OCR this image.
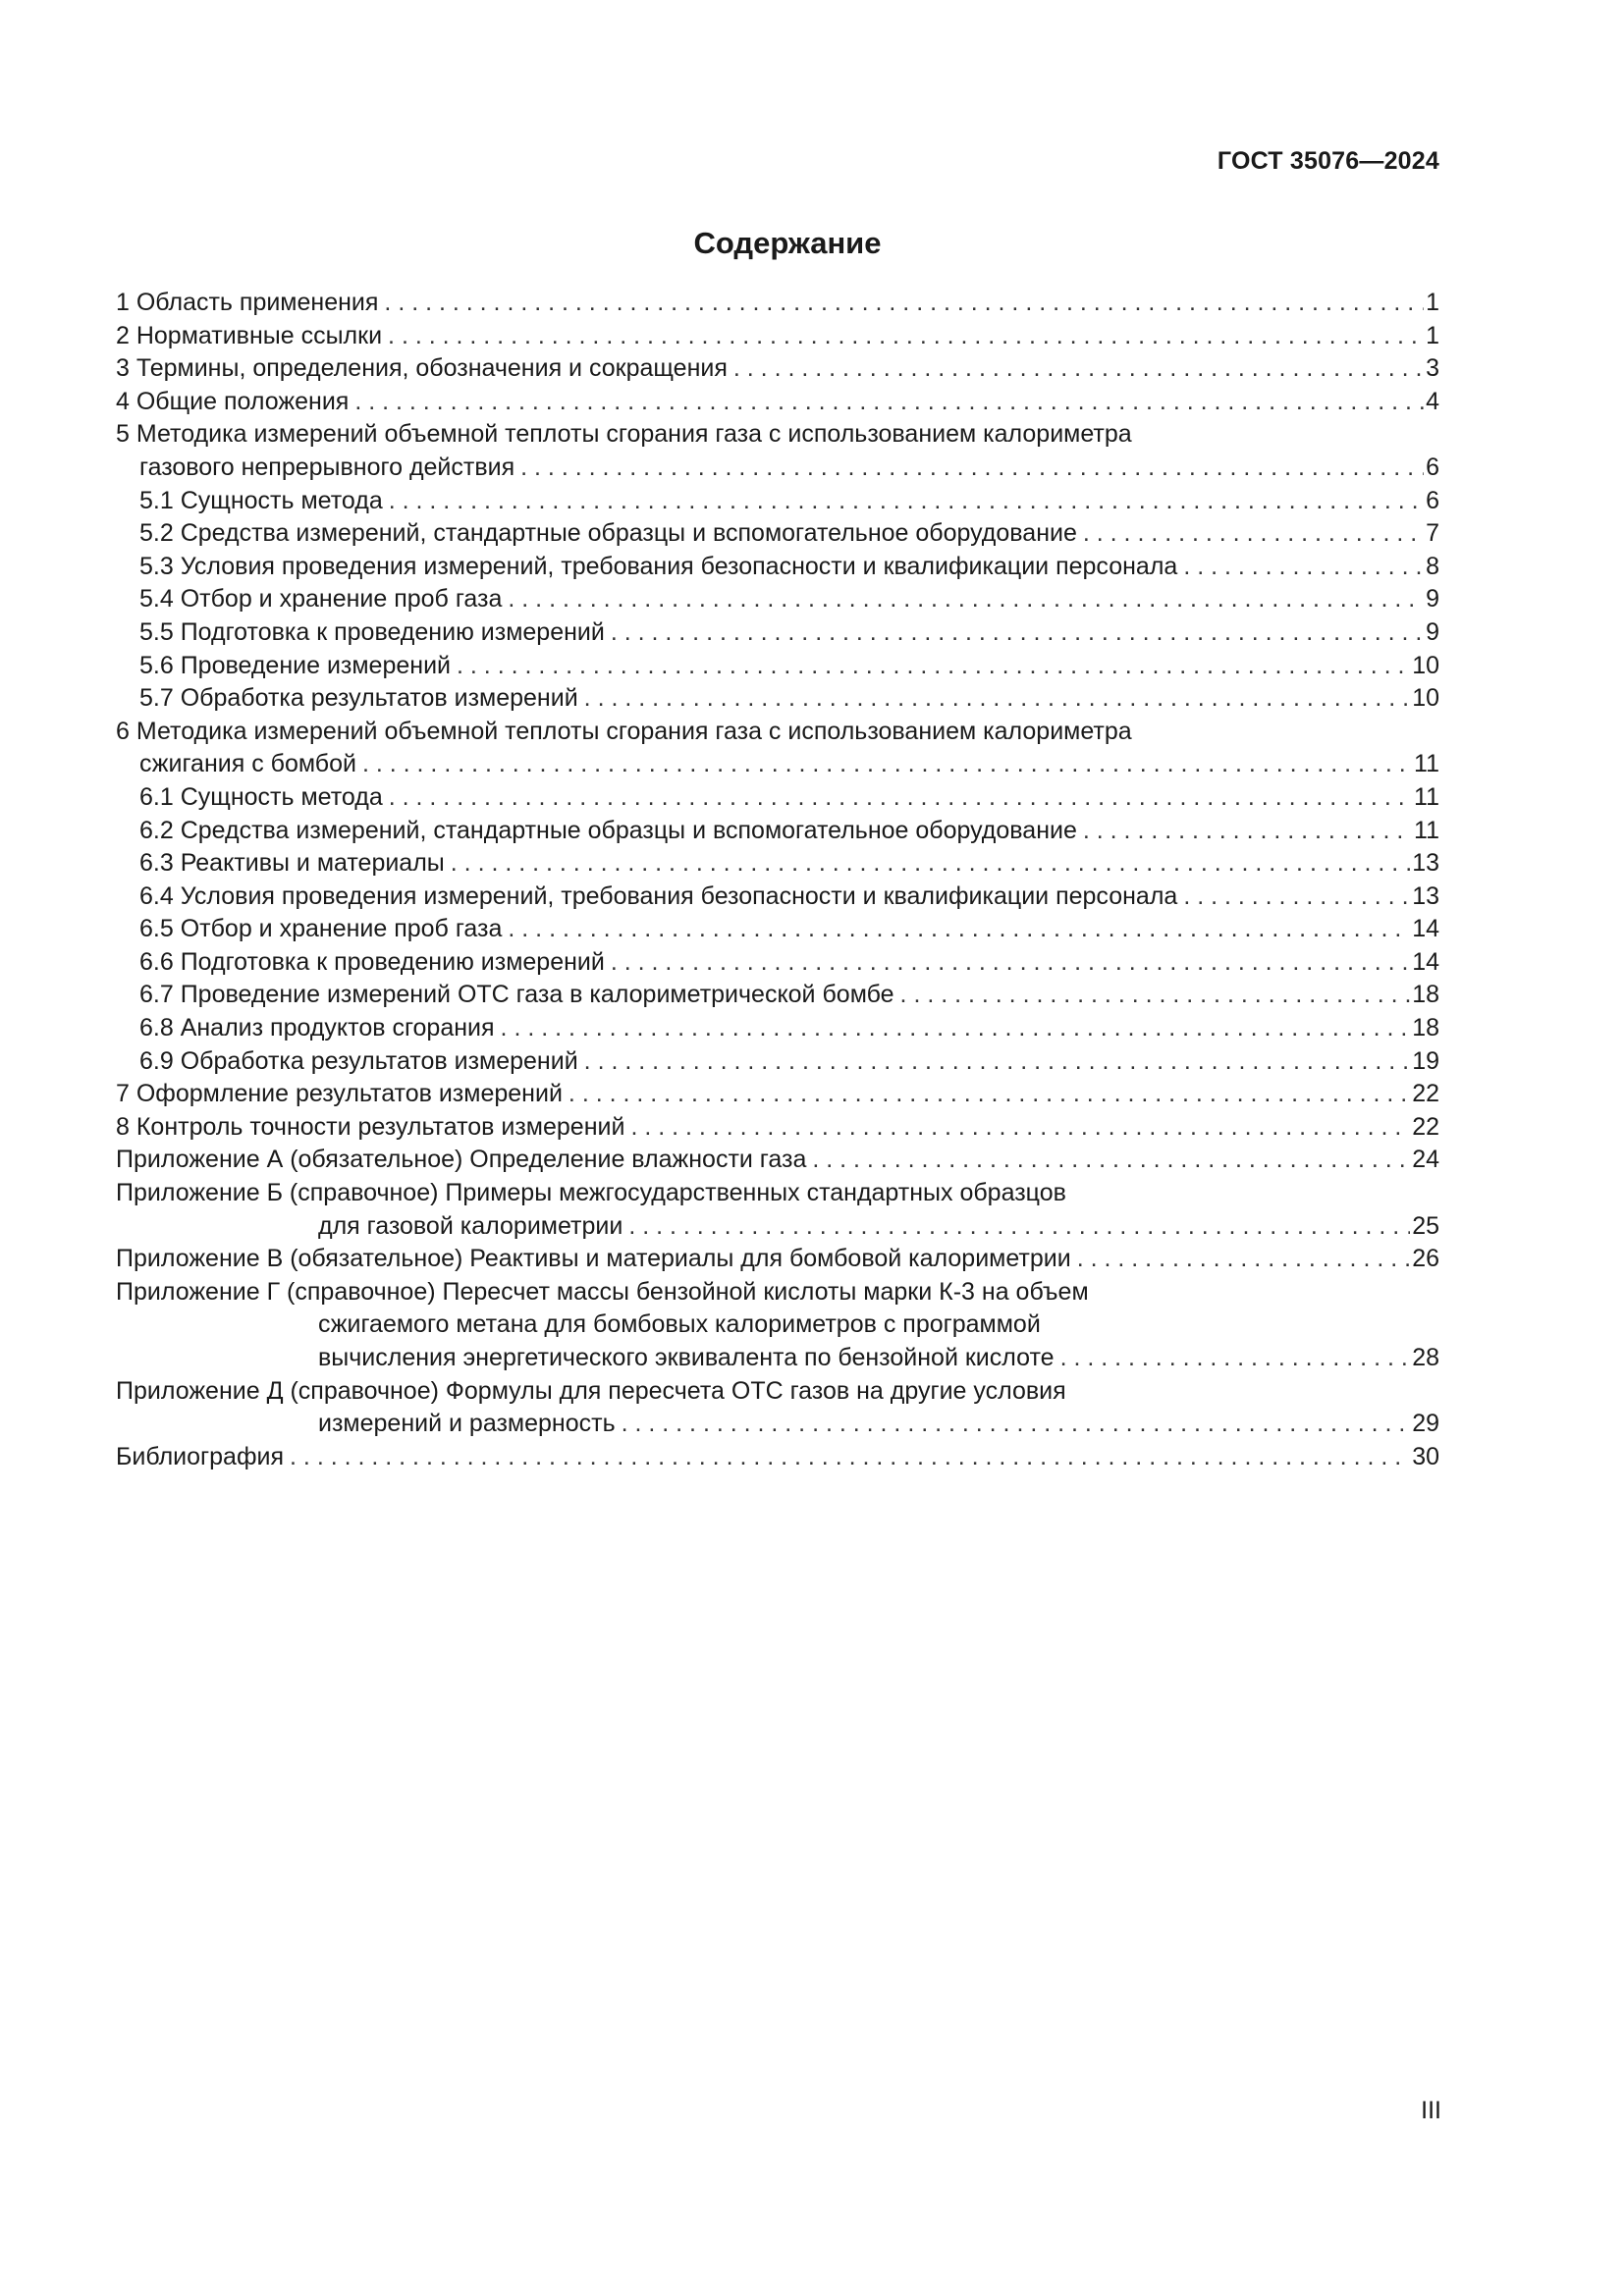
ГОСТ 35076—2024
Содержание
1 Область применения . . .	1
2 Нормативные ссылки . . .	1
3 Термины, определения, обозначения и сокращения . . .	3
4 Общие положения . . .	4
5 Методика измерений объемной теплоты сгорания газа с использованием калориметра
газового непрерывного действия . . .	6
5.1 Сущность метода . . .	6
5.2 Средства измерений, стандартные образцы и вспомогательное оборудование . . .	7
5.3 Условия проведения измерений, требования безопасности и квалификации персонала . . .	8
5.4 Отбор и хранение проб газа . . .	9
5.5 Подготовка к проведению измерений . . .	9
5.6 Проведение измерений . . .	10
5.7 Обработка результатов измерений . . .	10
6 Методика измерений объемной теплоты сгорания газа с использованием калориметра
сжигания с бомбой . . .	11
6.1 Сущность метода . . .	11
6.2 Средства измерений, стандартные образцы и вспомогательное оборудование . . .	11
6.3 Реактивы и материалы . . .	13
6.4 Условия проведения измерений, требования безопасности и квалификации персонала . . .	13
6.5 Отбор и хранение проб газа . . .	14
6.6 Подготовка к проведению измерений . . .	14
6.7 Проведение измерений ОТС газа в калориметрической бомбе . . .	18
6.8 Анализ продуктов сгорания . . .	18
6.9 Обработка результатов измерений . . .	19
7 Оформление результатов измерений . . .	22
8 Контроль точности результатов измерений . . .	22
Приложение А (обязательное) Определение влажности газа . . .	24
Приложение Б (справочное) Примеры межгосударственных стандартных образцов
для газовой калориметрии . . .	25
Приложение В (обязательное) Реактивы и материалы для бомбовой калориметрии . . .	26
Приложение Г (справочное) Пересчет массы бензойной кислоты марки К-3 на объем
сжигаемого метана для бомбовых калориметров с программой
вычисления энергетического эквивалента по бензойной кислоте . . .	28
Приложение Д (справочное) Формулы для пересчета ОТС газов на другие условия
измерений и размерность . . .	29
Библиография . . .	30
III
